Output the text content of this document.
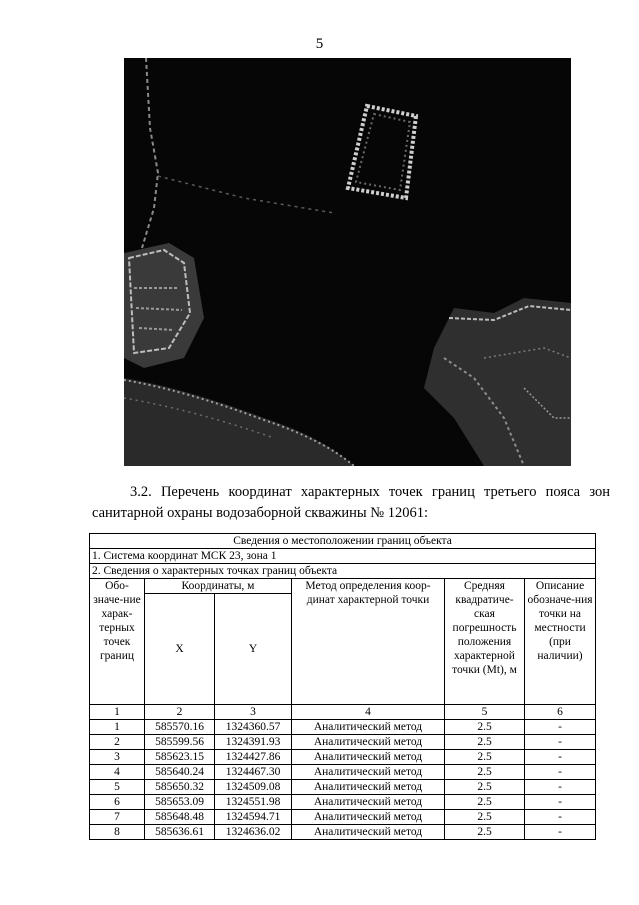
5
3.2. Перечень координат характерных точек границ третьего пояса зон санитарной охраны водозаборной скважины № 12061:
Сведения о местоположении границ объекта					
1. Система координат МСК 23, зона 1					
2. Сведения о характерных точках границ объекта					
Обо-значе-ние харак-терных точек границ	Координаты, м		Метод определения коор-динат характерной точки	Средняя квадратиче-ская погрешность положения характерной точки (Mt), м	Описание обозначе-ния точки на местности (при наличии)
	X	Y			
1	2	3	4	5	6
1	585570.16	1324360.57	Аналитический метод	2.5	-
2	585599.56	1324391.93	Аналитический метод	2.5	-
3	585623.15	1324427.86	Аналитический метод	2.5	-
4	585640.24	1324467.30	Аналитический метод	2.5	-
5	585650.32	1324509.08	Аналитический метод	2.5	-
6	585653.09	1324551.98	Аналитический метод	2.5	-
7	585648.48	1324594.71	Аналитический метод	2.5	-
8	585636.61	1324636.02	Аналитический метод	2.5	-
